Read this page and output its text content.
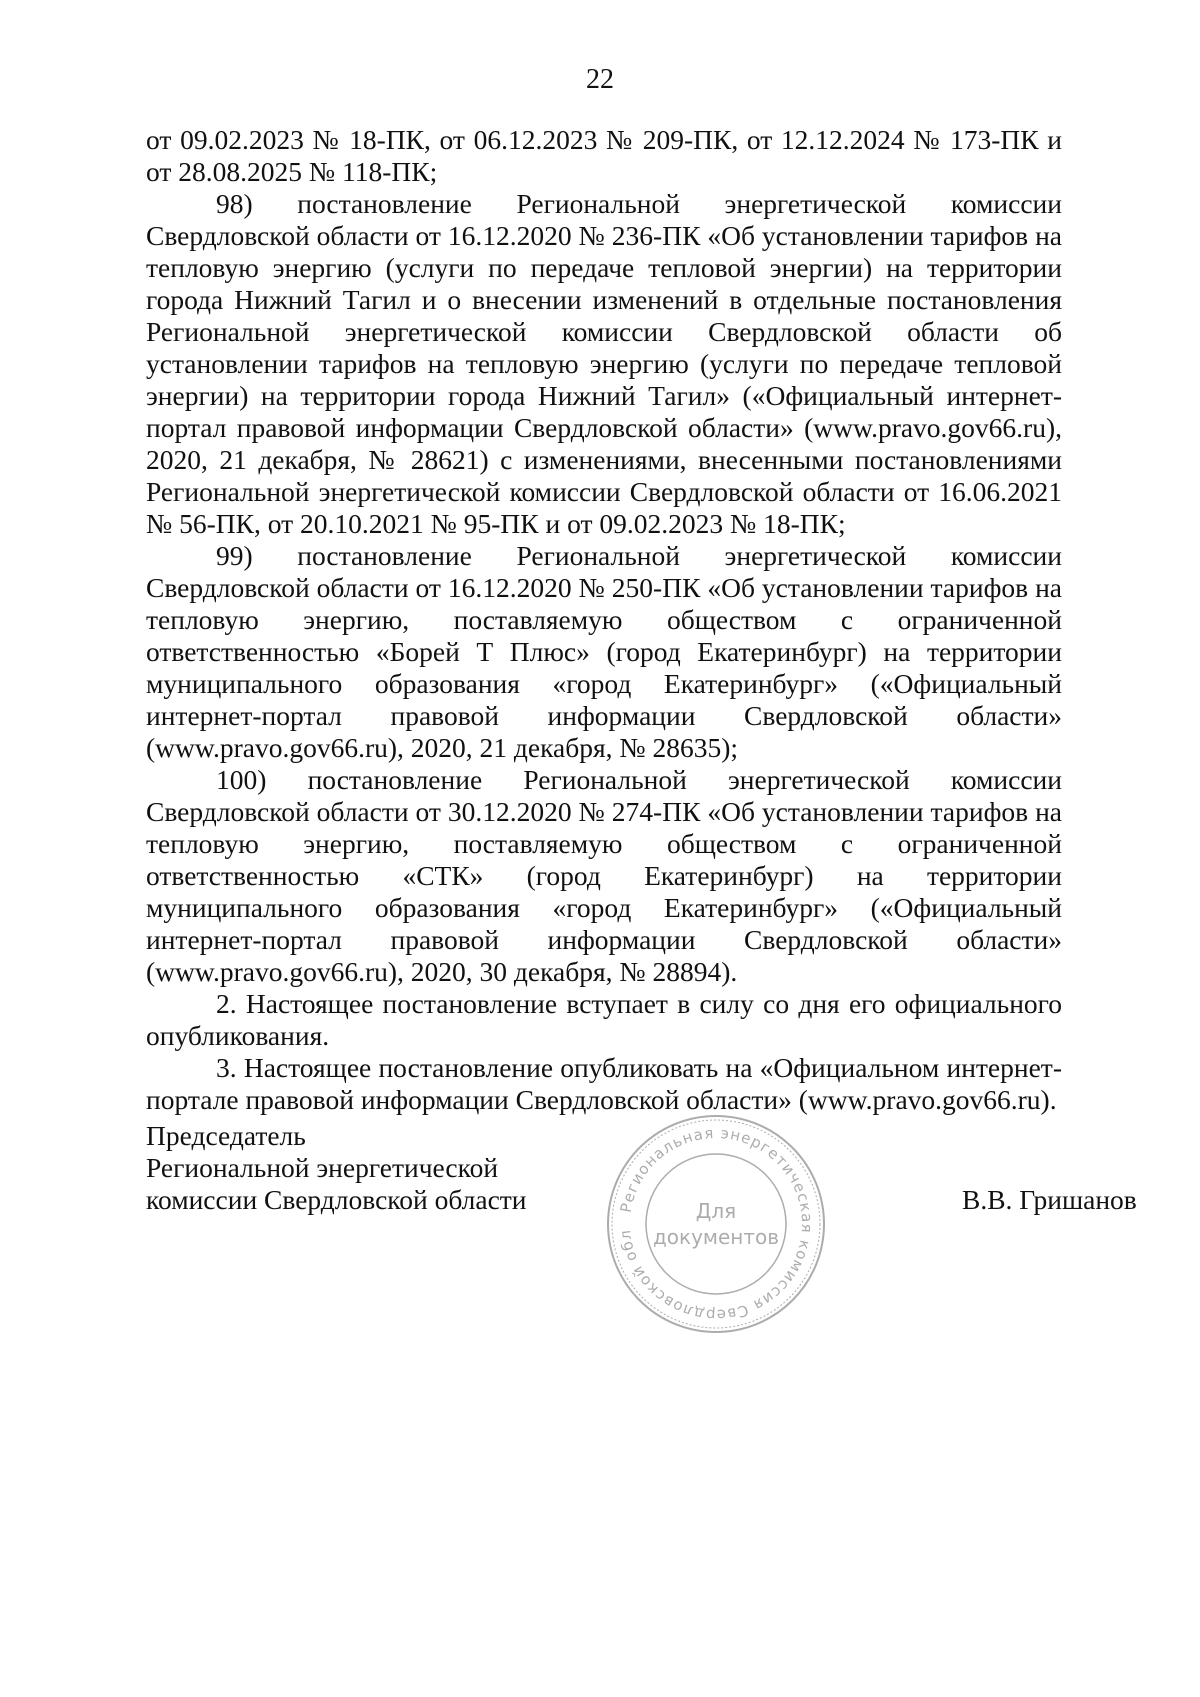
22

от 09.02.2023 № 18-ПК, от 06.12.2023 № 209-ПК, от 12.12.2024 № 173-ПК и от 28.08.2025 № 118-ПК;

98) постановление Региональной энергетической комиссии Свердловской области от 16.12.2020 № 236-ПК «Об установлении тарифов на тепловую энергию (услуги по передаче тепловой энергии) на территории города Нижний Тагил и о внесении изменений в отдельные постановления Региональной энергетической комиссии Свердловской области об установлении тарифов на тепловую энергию (услуги по передаче тепловой энергии) на территории города Нижний Тагил» («Официальный интернет-портал правовой информации Свердловской области» (www.pravo.gov66.ru), 2020, 21 декабря, № 28621) с изменениями, внесенными постановлениями Региональной энергетической комиссии Свердловской области от 16.06.2021 № 56-ПК, от 20.10.2021 № 95-ПК и от 09.02.2023 № 18-ПК;

99) постановление Региональной энергетической комиссии Свердловской области от 16.12.2020 № 250-ПК «Об установлении тарифов на тепловую энергию, поставляемую обществом с ограниченной ответственностью «Борей Т Плюс» (город Екатеринбург) на территории муниципального образования «город Екатеринбург» («Официальный интернет-портал правовой информации Свердловской области» (www.pravo.gov66.ru), 2020, 21 декабря, № 28635);

100) постановление Региональной энергетической комиссии Свердловской области от 30.12.2020 № 274-ПК «Об установлении тарифов на тепловую энергию, поставляемую обществом с ограниченной ответственностью «СТК» (город Екатеринбург) на территории муниципального образования «город Екатеринбург» («Официальный интернет-портал правовой информации Свердловской области» (www.pravo.gov66.ru), 2020, 30 декабря, № 28894).

2. Настоящее постановление вступает в силу со дня его официального опубликования.

3. Настоящее постановление опубликовать на «Официальном интернет-портале правовой информации Свердловской области» (www.pravo.gov66.ru).

Председатель
Региональной энергетической
комиссии Свердловской области	Региональная энергетическая комиссия Свердловской обл
Для
документов
В.В. Гришанов
